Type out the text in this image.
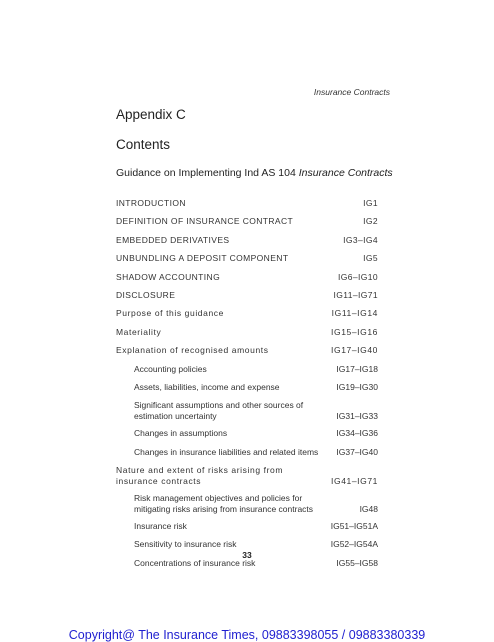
Insurance Contracts
Appendix C
Contents
Guidance on Implementing Ind AS 104 Insurance Contracts
INTRODUCTION	IG1
DEFINITION OF INSURANCE CONTRACT	IG2
EMBEDDED DERIVATIVES	IG3–IG4
UNBUNDLING A DEPOSIT COMPONENT	IG5
SHADOW ACCOUNTING	IG6–IG10
DISCLOSURE	IG11–IG71
Purpose of this guidance	IG11–IG14
Materiality	IG15–IG16
Explanation of recognised amounts	IG17–IG40
Accounting policies	IG17–IG18
Assets, liabilities, income and expense	IG19–IG30
Significant assumptions and other sources of estimation uncertainty	IG31–IG33
Changes in assumptions	IG34–IG36
Changes in insurance liabilities and related items	IG37–IG40
Nature and extent of risks arising from insurance contracts	IG41–IG71
Risk management objectives and policies for mitigating risks arising from insurance contracts	IG48
Insurance risk	IG51–IG51A
Sensitivity to insurance risk	IG52–IG54A
Concentrations of insurance risk	IG55–IG58
33
Copyright@ The Insurance Times, 09883398055 / 09883380339
